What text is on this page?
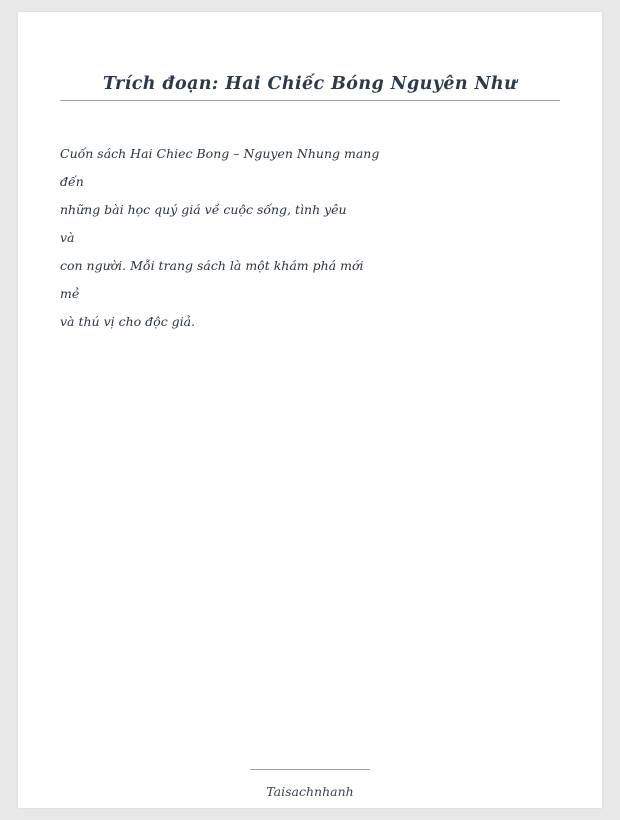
Trích đoạn: Hai Chiếc Bóng Nguyên Như
Cuốn sách Hai Chiec Bong – Nguyen Nhung mang
đến
những bài học quý giá về cuộc sống, tình yêu
và
con người. Mỗi trang sách là một khám phá mới
mẻ
và thú vị cho độc giả.
Taisachnhanh
